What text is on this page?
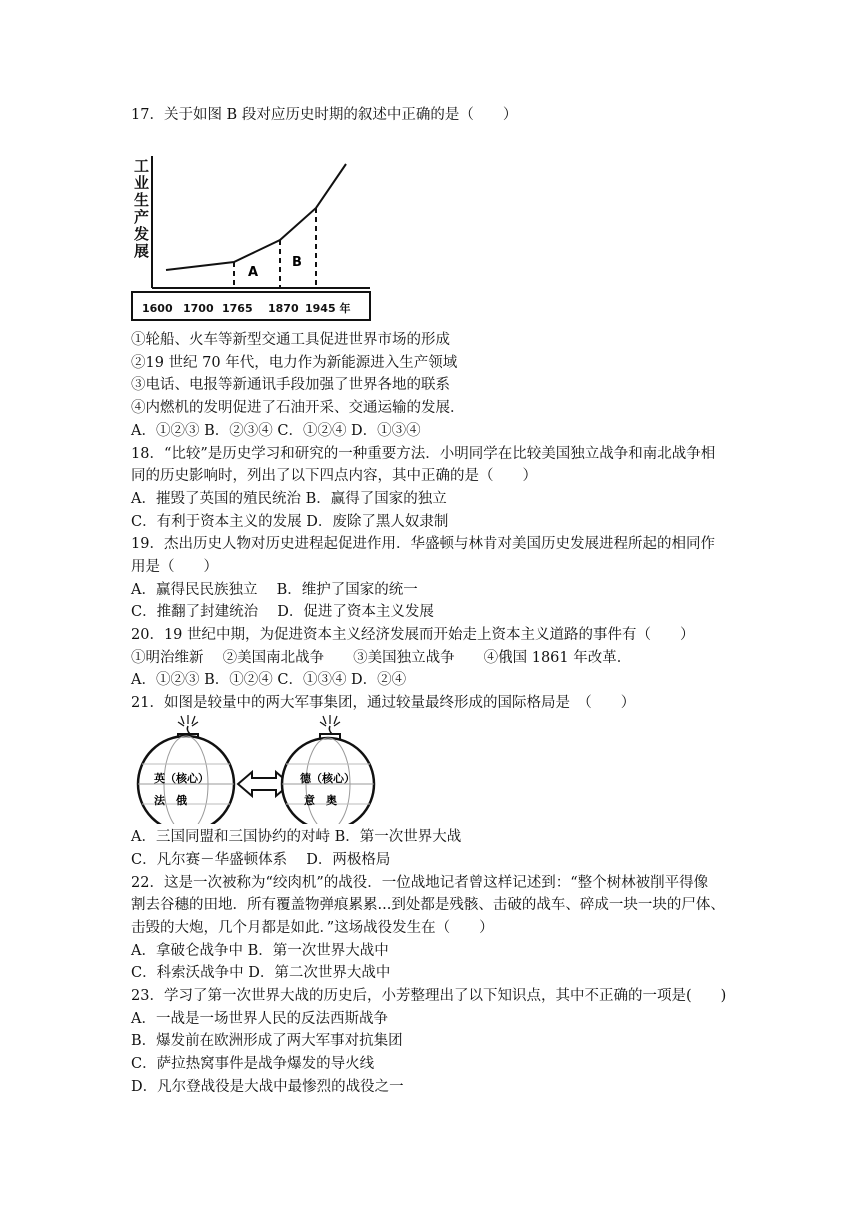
17．关于如图 B 段对应历史时期的叙述中正确的是（　　）
工
业
生
产
发
展
A
B
1600 1700 1765 1870 1945 年
①轮船、火车等新型交通工具促进世界市场的形成
②19 世纪 70 年代，电力作为新能源进入生产领域
③电话、电报等新通讯手段加强了世界各地的联系
④内燃机的发明促进了石油开采、交通运输的发展．
A．①②③ B．②③④ C．①②④ D．①③④
18．“比较”是历史学习和研究的一种重要方法．小明同学在比较美国独立战争和南北战争相
同的历史影响时，列出了以下四点内容，其中正确的是（　　）
A．摧毁了英国的殖民统治 B．赢得了国家的独立
C．有利于资本主义的发展 D．废除了黑人奴隶制
19．杰出历史人物对历史进程起促进作用．华盛顿与林肯对美国历史发展进程所起的相同作
用是（　　）
A．赢得民民族独立　 B．维护了国家的统一
C．推翻了封建统治　 D．促进了资本主义发展
20．19 世纪中期，为促进资本主义经济发展而开始走上资本主义道路的事件有（　　）
①明治维新　 ②美国南北战争　　③美国独立战争　　④俄国 1861 年改革．
A．①②③ B．①②④ C．①③④ D．②④
21．如图是较量中的两大军事集团，通过较量最终形成的国际格局是　（　　）
英（核心）
法　俄
德（核心）
意　奥
A．三国同盟和三国协约的对峙 B．第一次世界大战
C．凡尔赛－华盛顿体系　 D．两极格局
22．这是一次被称为“绞肉机”的战役．一位战地记者曾这样记述到：“整个树林被削平得像
割去谷穗的田地．所有覆盖物弹痕累累...到处都是残骸、击破的战车、碎成一块一块的尸体、
击毁的大炮，几个月都是如此．”这场战役发生在（　　）
A．拿破仑战争中 B．第一次世界大战中
C．科索沃战争中 D．第二次世界大战中
23．学习了第一次世界大战的历史后，小芳整理出了以下知识点，其中不正确的一项是(　　)
A．一战是一场世界人民的反法西斯战争
B．爆发前在欧洲形成了两大军事对抗集团
C．萨拉热窝事件是战争爆发的导火线
D．凡尔登战役是大战中最惨烈的战役之一
